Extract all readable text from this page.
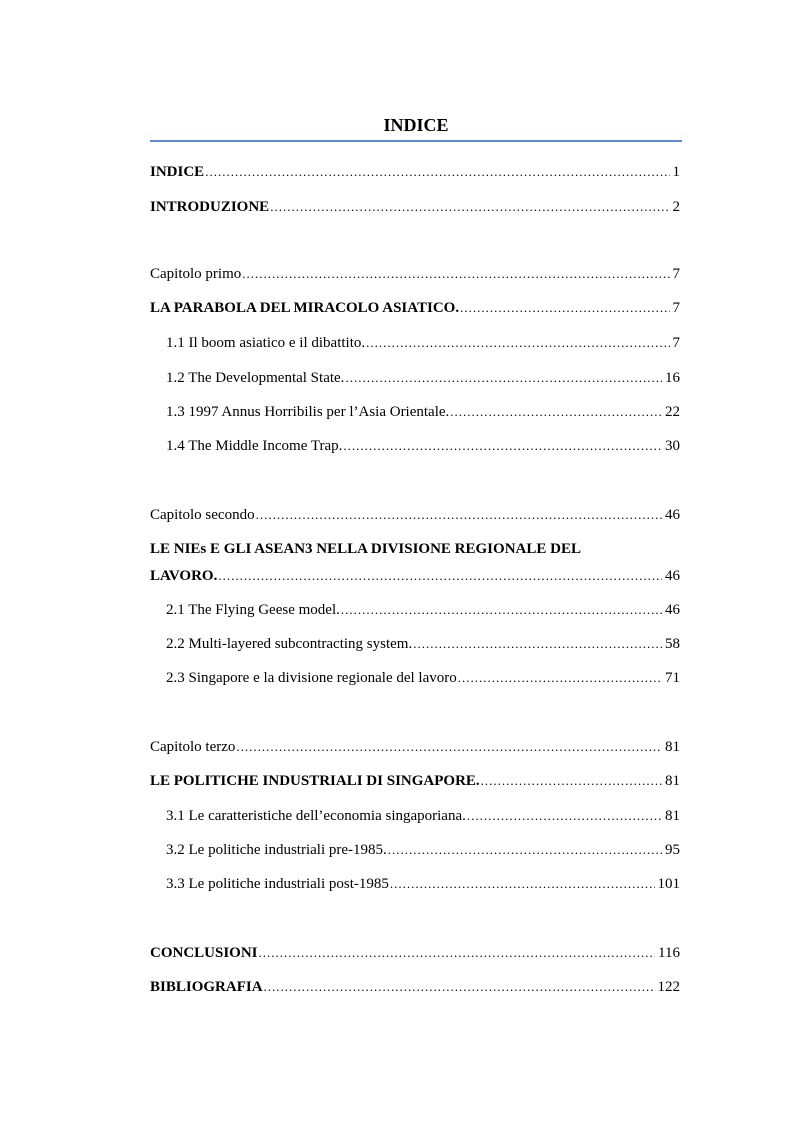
INDICE
INDICE .....	1
INTRODUZIONE .....	2
Capitolo primo .....	7
LA PARABOLA DEL MIRACOLO ASIATICO. .....	7
1.1 Il boom asiatico e il dibattito. .....	7
1.2 The Developmental State. .....	16
1.3 1997 Annus Horribilis per l’Asia Orientale. .....	22
1.4 The Middle Income Trap. .....	30
Capitolo secondo .....	46
LE NIEs E GLI ASEAN3 NELLA DIVISIONE REGIONALE DEL
LAVORO. .....	46
2.1 The Flying Geese model. .....	46
2.2 Multi-layered subcontracting system. .....	58
2.3 Singapore e la divisione regionale del lavoro .....	71
Capitolo terzo .....	81
LE POLITICHE INDUSTRIALI DI SINGAPORE. .....	81
3.1 Le caratteristiche dell’economia singaporiana. .....	81
3.2 Le politiche industriali pre-1985. .....	95
3.3 Le politiche industriali post-1985 .....	101
CONCLUSIONI .....	116
BIBLIOGRAFIA .....	122
